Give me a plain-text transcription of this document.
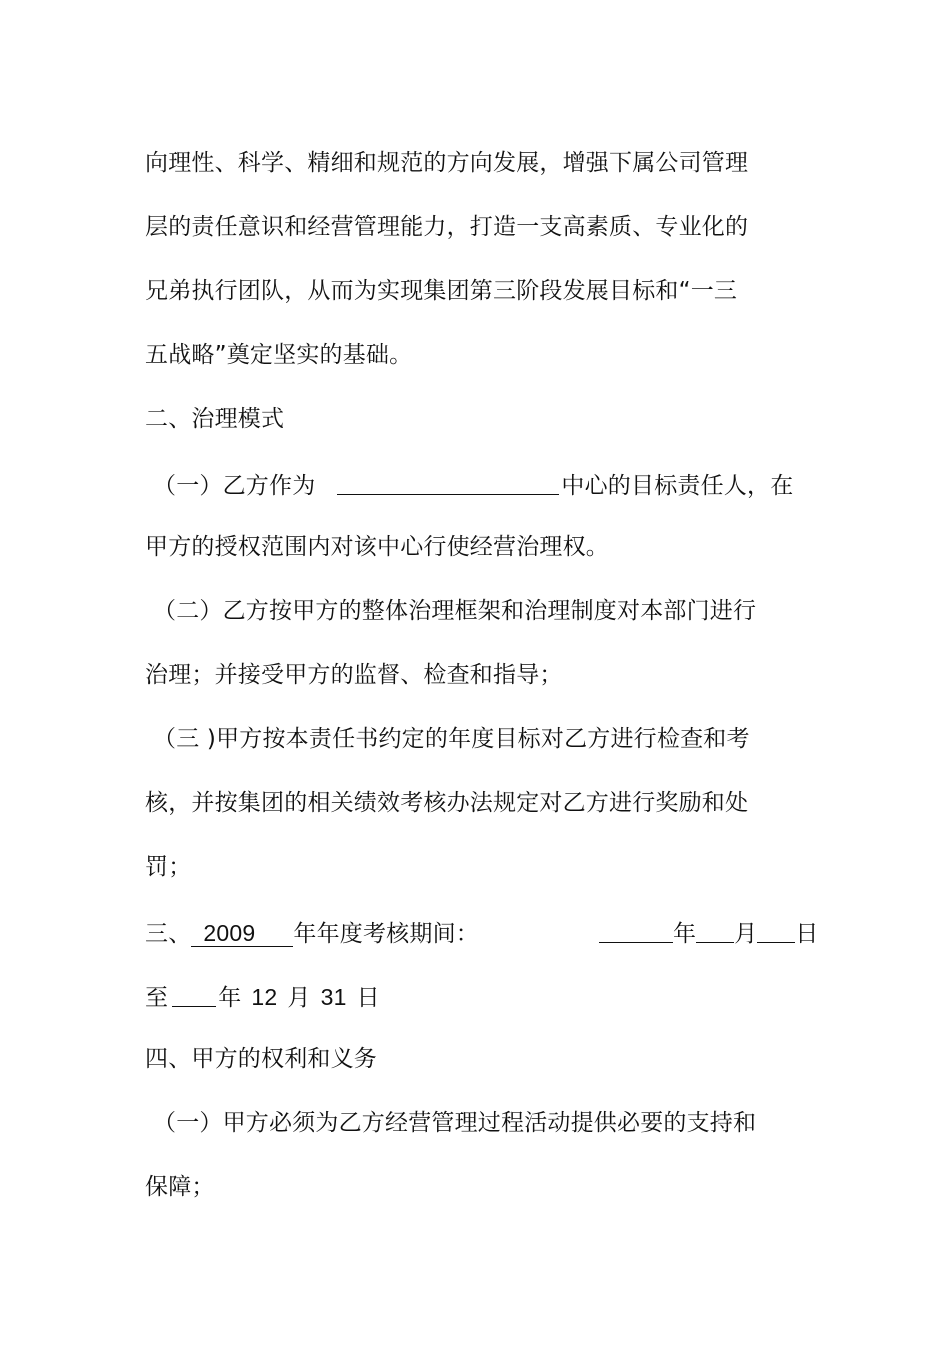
向理性、科学、精细和规范的方向发展，增强下属公司管理
层的责任意识和经营管理能力，打造一支高素质、专业化的
兄弟执行团队，从而为实现集团第三阶段发展目标和“一三
五战略”奠定坚实的基础。
二、治理模式
（一）乙方作为	中心的目标责任人，在
甲方的授权范围内对该中心行使经营治理权。
（二）乙方按甲方的整体治理框架和治理制度对本部门进行
治理；并接受甲方的监督、检查和指导；
（三 )甲方按本责任书约定的年度目标对乙方进行检查和考
核，并按集团的相关绩效考核办法规定对乙方进行奖励和处
罚；
三、 2009 年年度考核期间：	年 月 日
至 年 12 月 31 日
四、甲方的权利和义务
（一）甲方必须为乙方经营管理过程活动提供必要的支持和
保障；
